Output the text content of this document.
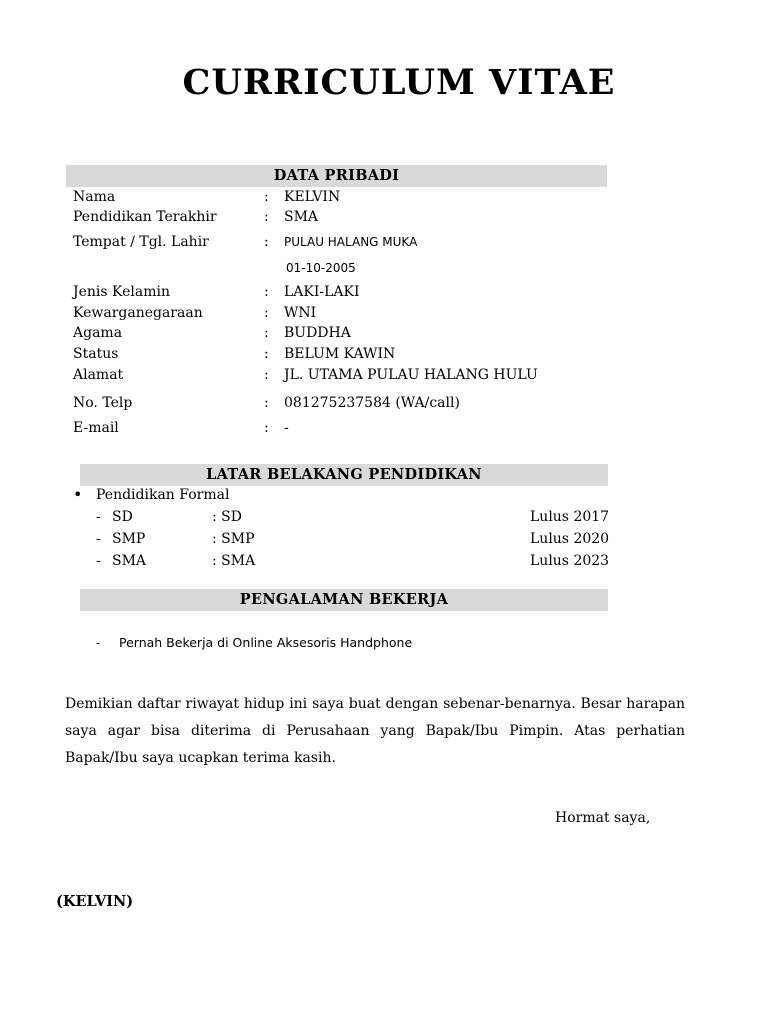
CURRICULUM VITAE
DATA PRIBADI
Nama	: KELVIN
Pendidikan Terakhir	: SMA
Tempat / Tgl. Lahir	: PULAU HALANG MUKA
01-10-2005
Jenis Kelamin	: LAKI-LAKI
Kewarganegaraan	: WNI
Agama	: BUDDHA
Status	: BELUM KAWIN
Alamat	: JL. UTAMA PULAU HALANG HULU
No. Telp	: 081275237584 (WA/call)
E-mail	: -
LATAR BELAKANG PENDIDIKAN
• Pendidikan Formal
- SD	: SD	Lulus 2017
- SMP	: SMP	Lulus 2020
- SMA	: SMA	Lulus 2023
PENGALAMAN BEKERJA
- Pernah Bekerja di Online Aksesoris Handphone
Demikian daftar riwayat hidup ini saya buat dengan sebenar-benarnya. Besar harapan saya agar bisa diterima di Perusahaan yang Bapak/Ibu Pimpin. Atas perhatian Bapak/Ibu saya ucapkan terima kasih.
Hormat saya,
(KELVIN)
